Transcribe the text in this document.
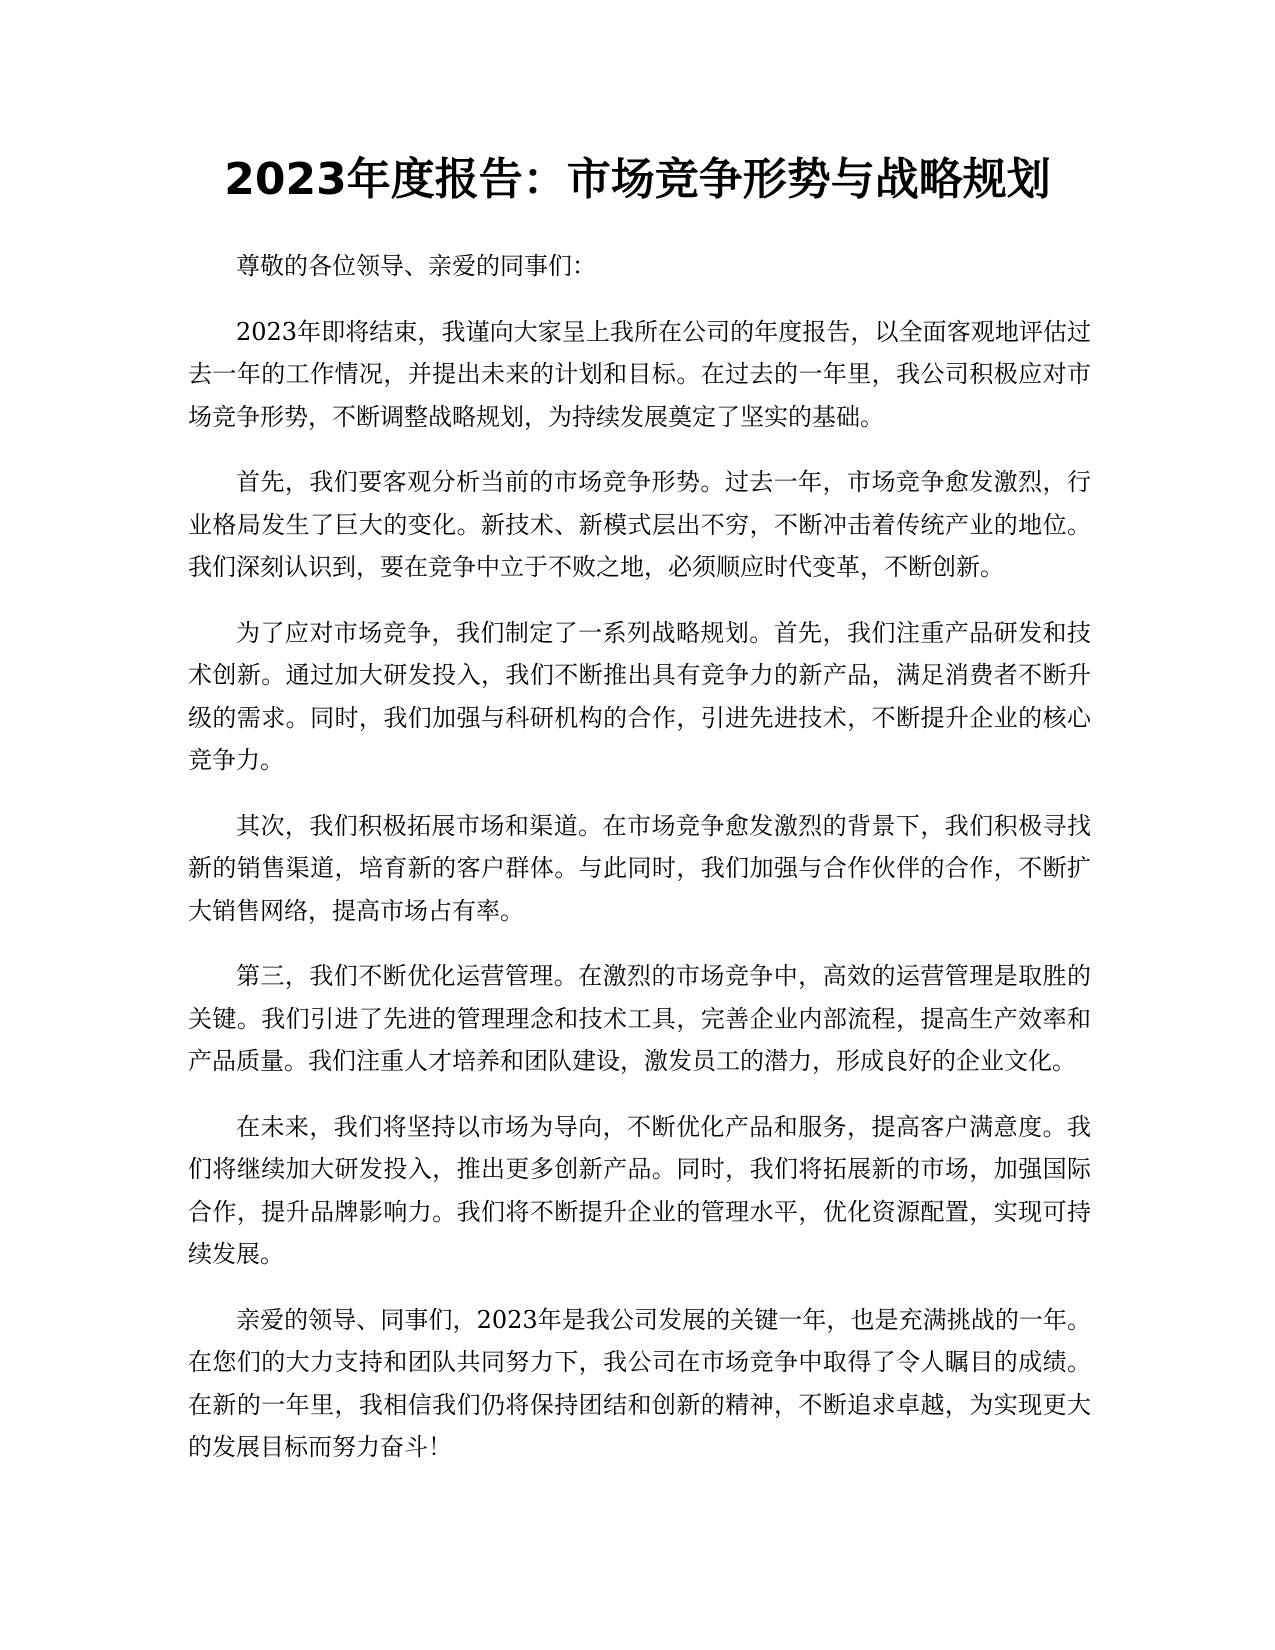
2023年度报告：市场竞争形势与战略规划

尊敬的各位领导、亲爱的同事们：

2023年即将结束，我谨向大家呈上我所在公司的年度报告，以全面客观地评估过去一年的工作情况，并提出未来的计划和目标。在过去的一年里，我公司积极应对市场竞争形势，不断调整战略规划，为持续发展奠定了坚实的基础。

首先，我们要客观分析当前的市场竞争形势。过去一年，市场竞争愈发激烈，行业格局发生了巨大的变化。新技术、新模式层出不穷，不断冲击着传统产业的地位。我们深刻认识到，要在竞争中立于不败之地，必须顺应时代变革，不断创新。

为了应对市场竞争，我们制定了一系列战略规划。首先，我们注重产品研发和技术创新。通过加大研发投入，我们不断推出具有竞争力的新产品，满足消费者不断升级的需求。同时，我们加强与科研机构的合作，引进先进技术，不断提升企业的核心竞争力。

其次，我们积极拓展市场和渠道。在市场竞争愈发激烈的背景下，我们积极寻找新的销售渠道，培育新的客户群体。与此同时，我们加强与合作伙伴的合作，不断扩大销售网络，提高市场占有率。

第三，我们不断优化运营管理。在激烈的市场竞争中，高效的运营管理是取胜的关键。我们引进了先进的管理理念和技术工具，完善企业内部流程，提高生产效率和产品质量。我们注重人才培养和团队建设，激发员工的潜力，形成良好的企业文化。

在未来，我们将坚持以市场为导向，不断优化产品和服务，提高客户满意度。我们将继续加大研发投入，推出更多创新产品。同时，我们将拓展新的市场，加强国际合作，提升品牌影响力。我们将不断提升企业的管理水平，优化资源配置，实现可持续发展。

亲爱的领导、同事们，2023年是我公司发展的关键一年，也是充满挑战的一年。在您们的大力支持和团队共同努力下，我公司在市场竞争中取得了令人瞩目的成绩。在新的一年里，我相信我们仍将保持团结和创新的精神，不断追求卓越，为实现更大的发展目标而努力奋斗！
